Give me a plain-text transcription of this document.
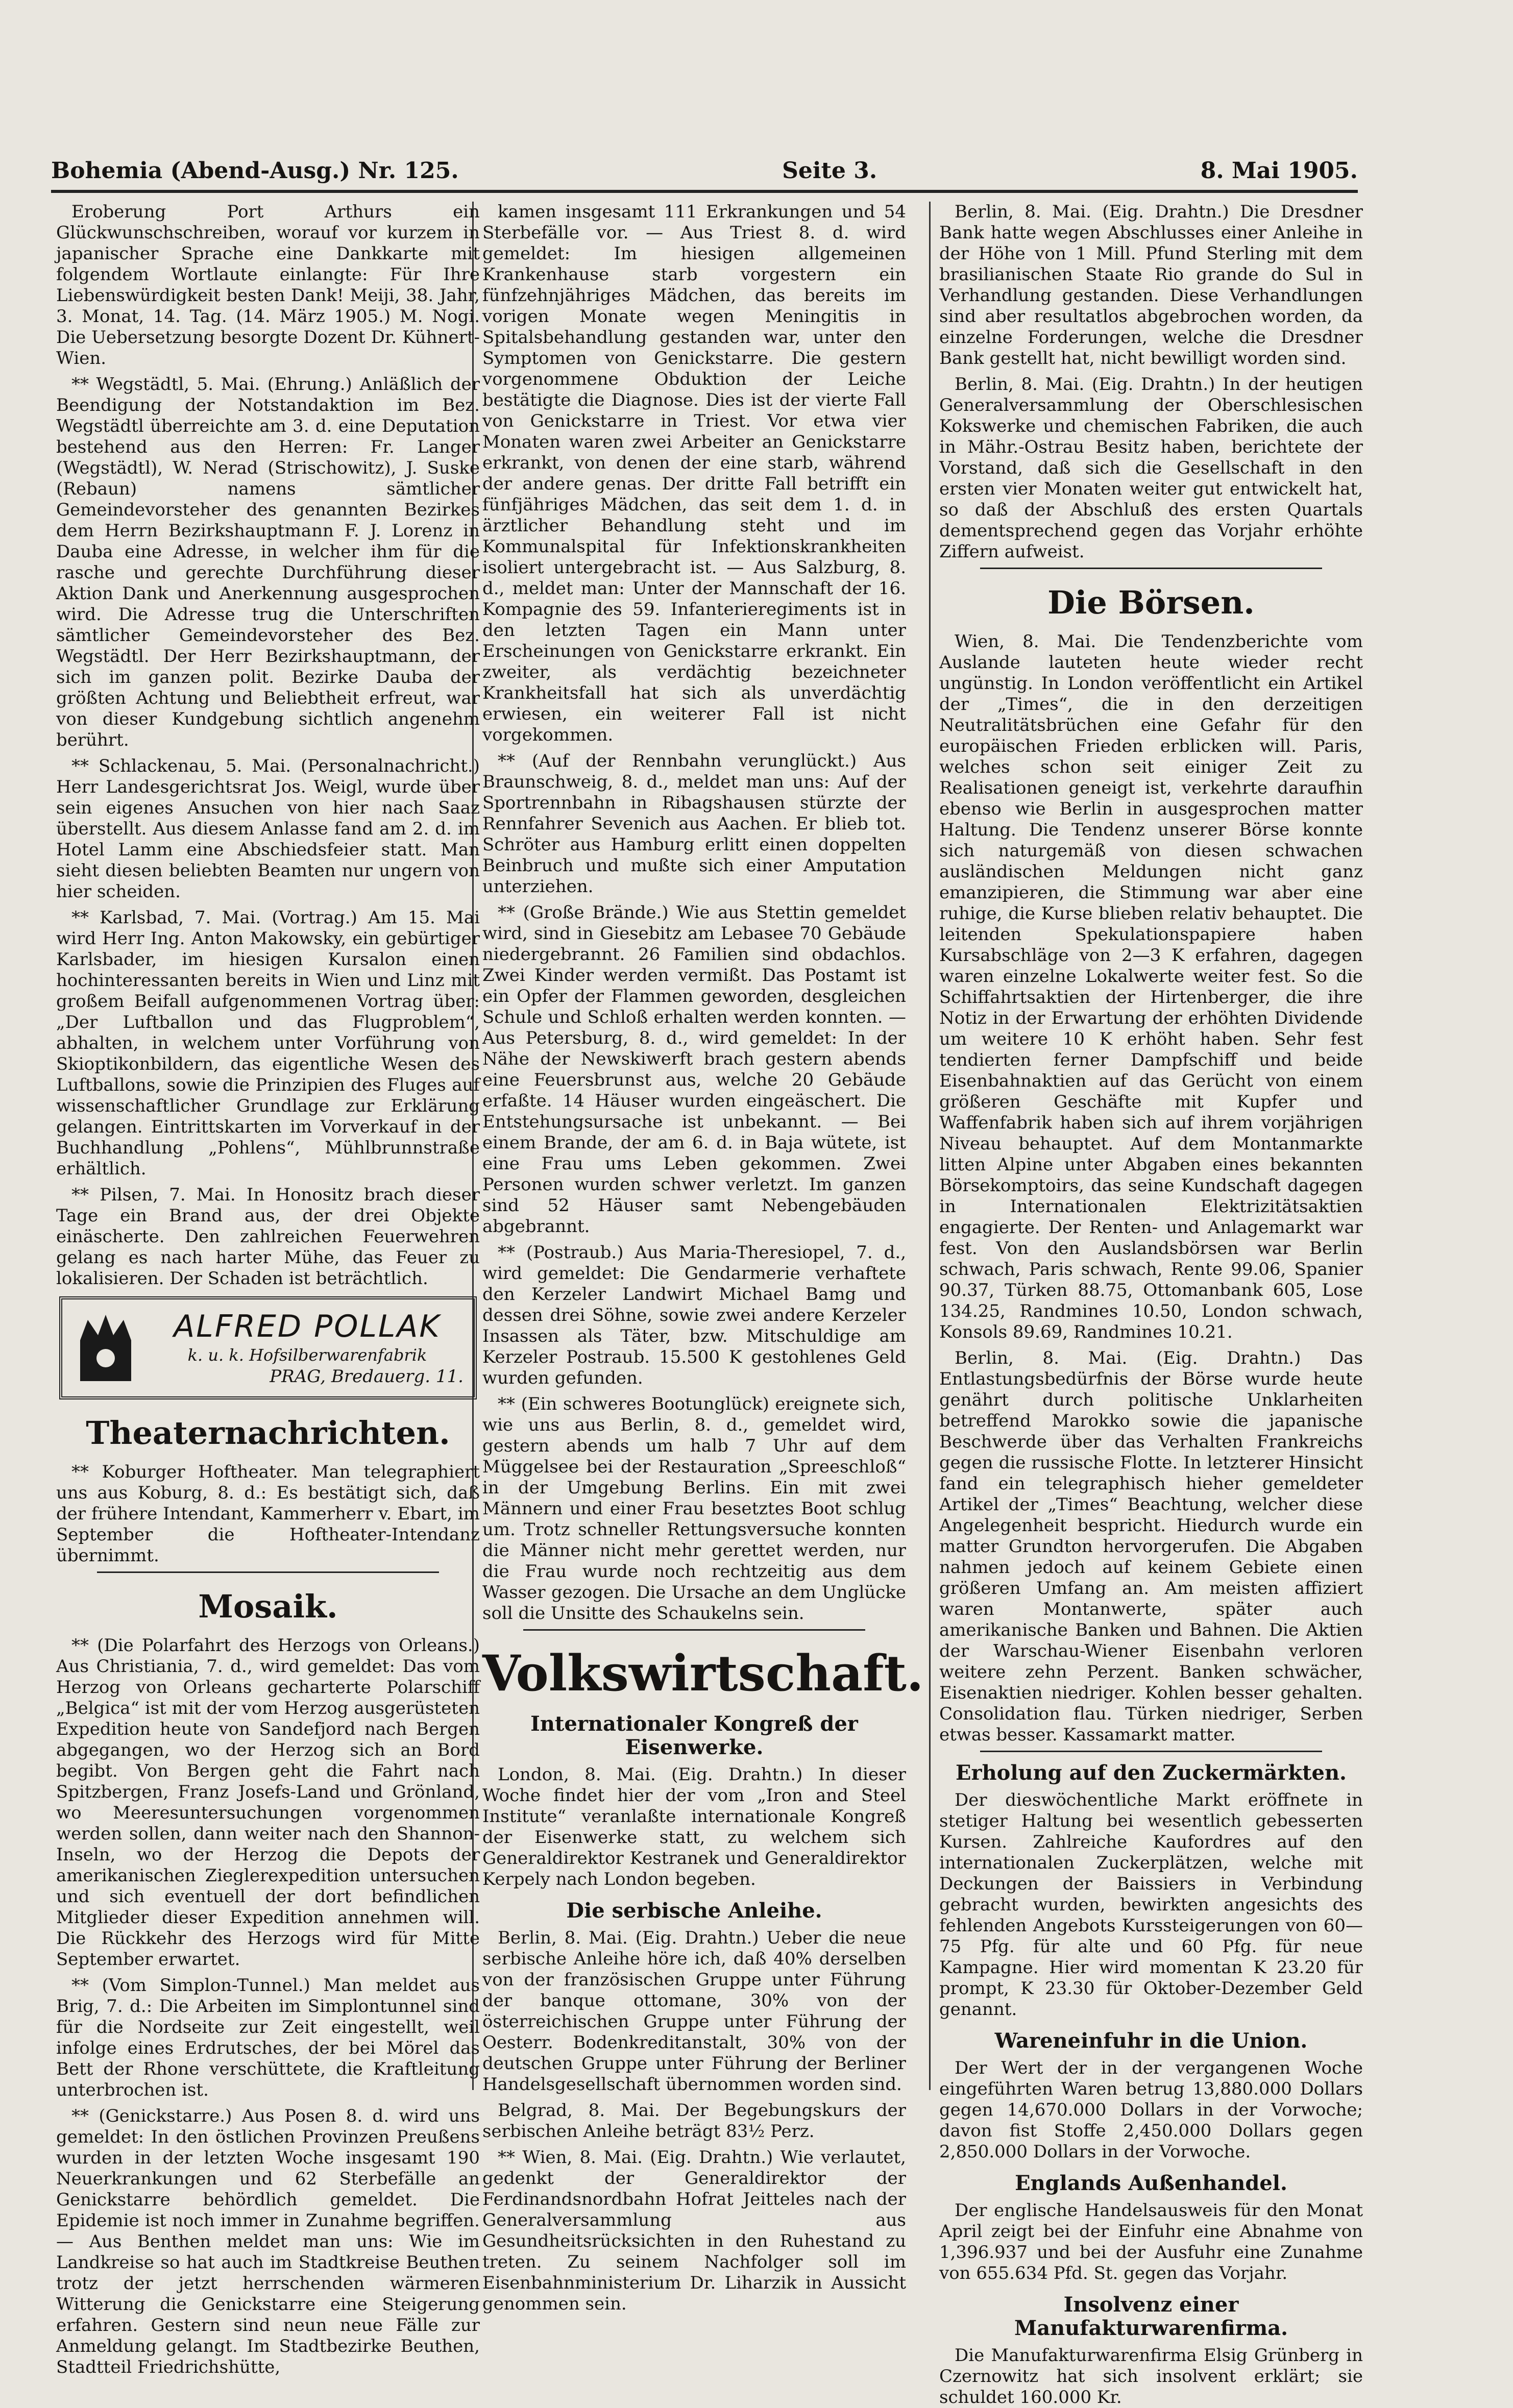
Bohemia (Abend-Ausg.) Nr. 125.	Seite 3.	8. Mai 1905.

Eroberung Port Arthurs ein Glückwunschschreiben, worauf vor kurzem in japanischer Sprache eine Dankkarte mit folgendem Wortlaute einlangte: Für Ihre Liebenswürdigkeit besten Dank! Meiji, 38. Jahr, 3. Monat, 14. Tag. (14. März 1905.) M. Nogi. Die Uebersetzung besorgte Dozent Dr. Kühnert-Wien.

** Wegstädtl, 5. Mai. (Ehrung.) Anläßlich der Beendigung der Notstandaktion im Bez. Wegstädtl überreichte am 3. d. eine Deputation bestehend aus den Herren: Fr. Langer (Wegstädtl), W. Nerad (Strischowitz), J. Suske (Rebaun) namens sämtlicher Gemeindevorsteher des genannten Bezirkes dem Herrn Bezirkshauptmann F. J. Lorenz in Dauba eine Adresse, in welcher ihm für die rasche und gerechte Durchführung dieser Aktion Dank und Anerkennung ausgesprochen wird. Die Adresse trug die Unterschriften sämtlicher Gemeindevorsteher des Bez. Wegstädtl. Der Herr Bezirkshauptmann, der sich im ganzen polit. Bezirke Dauba der größten Achtung und Beliebtheit erfreut, war von dieser Kundgebung sichtlich angenehm berührt.

** Schlackenau, 5. Mai. (Personalnachricht.) Herr Landesgerichtsrat Jos. Weigl, wurde über sein eigenes Ansuchen von hier nach Saaz überstellt. Aus diesem Anlasse fand am 2. d. im Hotel Lamm eine Abschiedsfeier statt. Man sieht diesen beliebten Beamten nur ungern von hier scheiden.

** Karlsbad, 7. Mai. (Vortrag.) Am 15. Mai wird Herr Ing. Anton Makowsky, ein gebürtiger Karlsbader, im hiesigen Kursalon einen hochinteressanten bereits in Wien und Linz mit großem Beifall aufgenommenen Vortrag über: „Der Luftballon und das Flugproblem“, abhalten, in welchem unter Vorführung von Skioptikonbildern, das eigentliche Wesen des Luftballons, sowie die Prinzipien des Fluges auf wissenschaftlicher Grundlage zur Erklärung gelangen. Eintrittskarten im Vorverkauf in der Buchhandlung „Pohlens“, Mühlbrunnstraße erhältlich.

** Pilsen, 7. Mai. In Honositz brach dieser Tage ein Brand aus, der drei Objekte einäscherte. Den zahlreichen Feuerwehren gelang es nach harter Mühe, das Feuer zu lokalisieren. Der Schaden ist beträchtlich.

ALFRED POLLAK
k. u. k. Hofsilberwarenfabrik
PRAG, Bredauerg. 11.
Theaternachrichten.

** Koburger Hoftheater. Man telegraphiert uns aus Koburg, 8. d.: Es bestätigt sich, daß der frühere Intendant, Kammerherr v. Ebart, im September die Hoftheater-Intendanz übernimmt.

Mosaik.

** (Die Polarfahrt des Herzogs von Orleans.) Aus Christiania, 7. d., wird gemeldet: Das vom Herzog von Orleans gecharterte Polarschiff „Belgica“ ist mit der vom Herzog ausgerüsteten Expedition heute von Sandefjord nach Bergen abgegangen, wo der Herzog sich an Bord begibt. Von Bergen geht die Fahrt nach Spitzbergen, Franz Josefs-Land und Grönland, wo Meeresuntersuchungen vorgenommen werden sollen, dann weiter nach den Shannon-Inseln, wo der Herzog die Depots der amerikanischen Zieglerexpedition untersuchen und sich eventuell der dort befindlichen Mitglieder dieser Expedition annehmen will. Die Rückkehr des Herzogs wird für Mitte September erwartet.

** (Vom Simplon-Tunnel.) Man meldet aus Brig, 7. d.: Die Arbeiten im Simplontunnel sind für die Nordseite zur Zeit eingestellt, weil infolge eines Erdrutsches, der bei Mörel das Bett der Rhone verschüttete, die Kraftleitung unterbrochen ist.

** (Genickstarre.) Aus Posen 8. d. wird uns gemeldet: In den östlichen Provinzen Preußens wurden in der letzten Woche insgesamt 190 Neuerkrankungen und 62 Sterbefälle an Genickstarre behördlich gemeldet. Die Epidemie ist noch immer in Zunahme begriffen. — Aus Benthen meldet man uns: Wie im Landkreise so hat auch im Stadtkreise Beuthen trotz der jetzt herrschenden wärmeren Witterung die Genickstarre eine Steigerung erfahren. Gestern sind neun neue Fälle zur Anmeldung gelangt. Im Stadtbezirke Beuthen, Stadtteil Friedrichshütte,

kamen insgesamt 111 Erkrankungen und 54 Sterbefälle vor. — Aus Triest 8. d. wird gemeldet: Im hiesigen allgemeinen Krankenhause starb vorgestern ein fünfzehnjähriges Mädchen, das bereits im vorigen Monate wegen Meningitis in Spitalsbehandlung gestanden war, unter den Symptomen von Genickstarre. Die gestern vorgenommene Obduktion der Leiche bestätigte die Diagnose. Dies ist der vierte Fall von Genickstarre in Triest. Vor etwa vier Monaten waren zwei Arbeiter an Genickstarre erkrankt, von denen der eine starb, während der andere genas. Der dritte Fall betrifft ein fünfjähriges Mädchen, das seit dem 1. d. in ärztlicher Behandlung steht und im Kommunalspital für Infektionskrankheiten isoliert untergebracht ist. — Aus Salzburg, 8. d., meldet man: Unter der Mannschaft der 16. Kompagnie des 59. Infanterieregiments ist in den letzten Tagen ein Mann unter Erscheinungen von Genickstarre erkrankt. Ein zweiter, als verdächtig bezeichneter Krankheitsfall hat sich als unverdächtig erwiesen, ein weiterer Fall ist nicht vorgekommen.

** (Auf der Rennbahn verunglückt.) Aus Braunschweig, 8. d., meldet man uns: Auf der Sportrennbahn in Ribagshausen stürzte der Rennfahrer Sevenich aus Aachen. Er blieb tot. Schröter aus Hamburg erlitt einen doppelten Beinbruch und mußte sich einer Amputation unterziehen.

** (Große Brände.) Wie aus Stettin gemeldet wird, sind in Giesebitz am Lebasee 70 Gebäude niedergebrannt. 26 Familien sind obdachlos. Zwei Kinder werden vermißt. Das Postamt ist ein Opfer der Flammen geworden, desgleichen Schule und Schloß erhalten werden konnten. — Aus Petersburg, 8. d., wird gemeldet: In der Nähe der Newskiwerft brach gestern abends eine Feuersbrunst aus, welche 20 Gebäude erfaßte. 14 Häuser wurden eingeäschert. Die Entstehungsursache ist unbekannt. — Bei einem Brande, der am 6. d. in Baja wütete, ist eine Frau ums Leben gekommen. Zwei Personen wurden schwer verletzt. Im ganzen sind 52 Häuser samt Nebengebäuden abgebrannt.

** (Postraub.) Aus Maria-Theresiopel, 7. d., wird gemeldet: Die Gendarmerie verhaftete den Kerzeler Landwirt Michael Bamg und dessen drei Söhne, sowie zwei andere Kerzeler Insassen als Täter, bzw. Mitschuldige am Kerzeler Postraub. 15.500 K gestohlenes Geld wurden gefunden.

** (Ein schweres Bootunglück) ereignete sich, wie uns aus Berlin, 8. d., gemeldet wird, gestern abends um halb 7 Uhr auf dem Müggelsee bei der Restauration „Spreeschloß“ in der Umgebung Berlins. Ein mit zwei Männern und einer Frau besetztes Boot schlug um. Trotz schneller Rettungsversuche konnten die Männer nicht mehr gerettet werden, nur die Frau wurde noch rechtzeitig aus dem Wasser gezogen. Die Ursache an dem Unglücke soll die Unsitte des Schaukelns sein.

Volkswirtschaft.
Internationaler Kongreß der Eisenwerke.

London, 8. Mai. (Eig. Drahtn.) In dieser Woche findet hier der vom „Iron and Steel Institute“ veranlaßte internationale Kongreß der Eisenwerke statt, zu welchem sich Generaldirektor Kestranek und Generaldirektor Kerpely nach London begeben.

Die serbische Anleihe.

Berlin, 8. Mai. (Eig. Drahtn.) Ueber die neue serbische Anleihe höre ich, daß 40% derselben von der französischen Gruppe unter Führung der banque ottomane, 30% von der österreichischen Gruppe unter Führung der Oesterr. Bodenkreditanstalt, 30% von der deutschen Gruppe unter Führung der Berliner Handelsgesellschaft übernommen worden sind.

Belgrad, 8. Mai. Der Begebungskurs der serbischen Anleihe beträgt 83½ Perz.

** Wien, 8. Mai. (Eig. Drahtn.) Wie verlautet, gedenkt der Generaldirektor der Ferdinandsnordbahn Hofrat Jeitteles nach der Generalversammlung aus Gesundheitsrücksichten in den Ruhestand zu treten. Zu seinem Nachfolger soll im Eisenbahnministerium Dr. Liharzik in Aussicht genommen sein.

Berlin, 8. Mai. (Eig. Drahtn.) Die Dresdner Bank hatte wegen Abschlusses einer Anleihe in der Höhe von 1 Mill. Pfund Sterling mit dem brasilianischen Staate Rio grande do Sul in Verhandlung gestanden. Diese Verhandlungen sind aber resultatlos abgebrochen worden, da einzelne Forderungen, welche die Dresdner Bank gestellt hat, nicht bewilligt worden sind.

Berlin, 8. Mai. (Eig. Drahtn.) In der heutigen Generalversammlung der Oberschlesischen Kokswerke und chemischen Fabriken, die auch in Mähr.-Ostrau Besitz haben, berichtete der Vorstand, daß sich die Gesellschaft in den ersten vier Monaten weiter gut entwickelt hat, so daß der Abschluß des ersten Quartals dementsprechend gegen das Vorjahr erhöhte Ziffern aufweist.

Die Börsen.

Wien, 8. Mai. Die Tendenzberichte vom Auslande lauteten heute wieder recht ungünstig. In London veröffentlicht ein Artikel der „Times“, die in den derzeitigen Neutralitätsbrüchen eine Gefahr für den europäischen Frieden erblicken will. Paris, welches schon seit einiger Zeit zu Realisationen geneigt ist, verkehrte daraufhin ebenso wie Berlin in ausgesprochen matter Haltung. Die Tendenz unserer Börse konnte sich naturgemäß von diesen schwachen ausländischen Meldungen nicht ganz emanzipieren, die Stimmung war aber eine ruhige, die Kurse blieben relativ behauptet. Die leitenden Spekulationspapiere haben Kursabschläge von 2—3 K erfahren, dagegen waren einzelne Lokalwerte weiter fest. So die Schiffahrtsaktien der Hirtenberger, die ihre Notiz in der Erwartung der erhöhten Dividende um weitere 10 K erhöht haben. Sehr fest tendierten ferner Dampfschiff und beide Eisenbahnaktien auf das Gerücht von einem größeren Geschäfte mit Kupfer und Waffenfabrik haben sich auf ihrem vorjährigen Niveau behauptet. Auf dem Montanmarkte litten Alpine unter Abgaben eines bekannten Börsekomptoirs, das seine Kundschaft dagegen in Internationalen Elektrizitätsaktien engagierte. Der Renten- und Anlagemarkt war fest. Von den Auslandsbörsen war Berlin schwach, Paris schwach, Rente 99.06, Spanier 90.37, Türken 88.75, Ottomanbank 605, Lose 134.25, Randmines 10.50, London schwach, Konsols 89.69, Randmines 10.21.

Berlin, 8. Mai. (Eig. Drahtn.) Das Entlastungsbedürfnis der Börse wurde heute genährt durch politische Unklarheiten betreffend Marokko sowie die japanische Beschwerde über das Verhalten Frankreichs gegen die russische Flotte. In letzterer Hinsicht fand ein telegraphisch hieher gemeldeter Artikel der „Times“ Beachtung, welcher diese Angelegenheit bespricht. Hiedurch wurde ein matter Grundton hervorgerufen. Die Abgaben nahmen jedoch auf keinem Gebiete einen größeren Umfang an. Am meisten affiziert waren Montanwerte, später auch amerikanische Banken und Bahnen. Die Aktien der Warschau-Wiener Eisenbahn verloren weitere zehn Perzent. Banken schwächer, Eisenaktien niedriger. Kohlen besser gehalten. Consolidation flau. Türken niedriger, Serben etwas besser. Kassamarkt matter.

Erholung auf den Zuckermärkten.

Der dieswöchentliche Markt eröffnete in stetiger Haltung bei wesentlich gebesserten Kursen. Zahlreiche Kaufordres auf den internationalen Zuckerplätzen, welche mit Deckungen der Baissiers in Verbindung gebracht wurden, bewirkten angesichts des fehlenden Angebots Kurssteigerungen von 60—75 Pfg. für alte und 60 Pfg. für neue Kampagne. Hier wird momentan K 23.20 für prompt, K 23.30 für Oktober-Dezember Geld genannt.

Wareneinfuhr in die Union.

Der Wert der in der vergangenen Woche eingeführten Waren betrug 13,880.000 Dollars gegen 14,670.000 Dollars in der Vorwoche; davon fist Stoffe 2,450.000 Dollars gegen 2,850.000 Dollars in der Vorwoche.

Englands Außenhandel.

Der englische Handelsausweis für den Monat April zeigt bei der Einfuhr eine Abnahme von 1,396.937 und bei der Ausfuhr eine Zunahme von 655.634 Pfd. St. gegen das Vorjahr.

Insolvenz einer Manufakturwarenfirma.

Die Manufakturwarenfirma Elsig Grünberg in Czernowitz hat sich insolvent erklärt; sie schuldet 160.000 Kr.
